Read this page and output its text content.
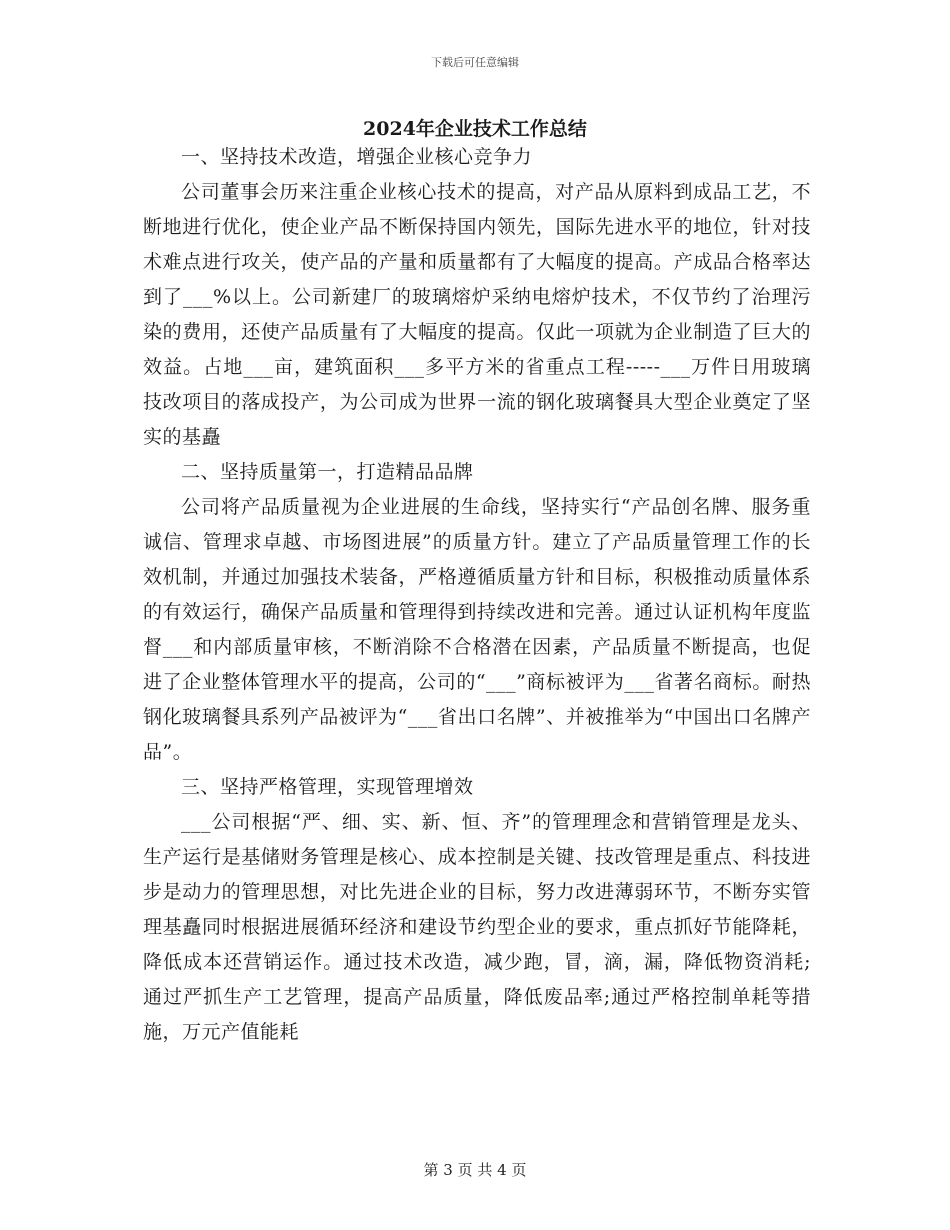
下载后可任意编辑
2024年企业技术工作总结

一、坚持技术改造，增强企业核心竞争力

公司董事会历来注重企业核心技术的提高，对产品从原料到成品工艺，不断地进行优化，使企业产品不断保持国内领先，国际先进水平的地位，针对技术难点进行攻关，使产品的产量和质量都有了大幅度的提高。产成品合格率达到了___%以上。公司新建厂的玻璃熔炉采纳电熔炉技术，不仅节约了治理污染的费用，还使产品质量有了大幅度的提高。仅此一项就为企业制造了巨大的效益。占地___亩，建筑面积___多平方米的省重点工程-----___万件日用玻璃技改项目的落成投产，为公司成为世界一流的钢化玻璃餐具大型企业奠定了坚实的基矗

二、坚持质量第一，打造精品品牌

公司将产品质量视为企业进展的生命线，坚持实行“产品创名牌、服务重诚信、管理求卓越、市场图进展”的质量方针。建立了产品质量管理工作的长效机制，并通过加强技术装备，严格遵循质量方针和目标，积极推动质量体系的有效运行，确保产品质量和管理得到持续改进和完善。通过认证机构年度监督___和内部质量审核，不断消除不合格潜在因素，产品质量不断提高，也促进了企业整体管理水平的提高，公司的“___”商标被评为___省著名商标。耐热钢化玻璃餐具系列产品被评为“___省出口名牌”、并被推举为“中国出口名牌产品”。

三、坚持严格管理，实现管理增效

___公司根据“严、细、实、新、恒、齐”的管理理念和营销管理是龙头、生产运行是基储财务管理是核心、成本控制是关键、技改管理是重点、科技进步是动力的管理思想，对比先进企业的目标，努力改进薄弱环节，不断夯实管理基矗同时根据进展循环经济和建设节约型企业的要求，重点抓好节能降耗，降低成本还营销运作。通过技术改造，减少跑，冒，滴，漏，降低物资消耗;通过严抓生产工艺管理，提高产品质量，降低废品率;通过严格控制单耗等措施，万元产值能耗

第 3 页 共 4 页
